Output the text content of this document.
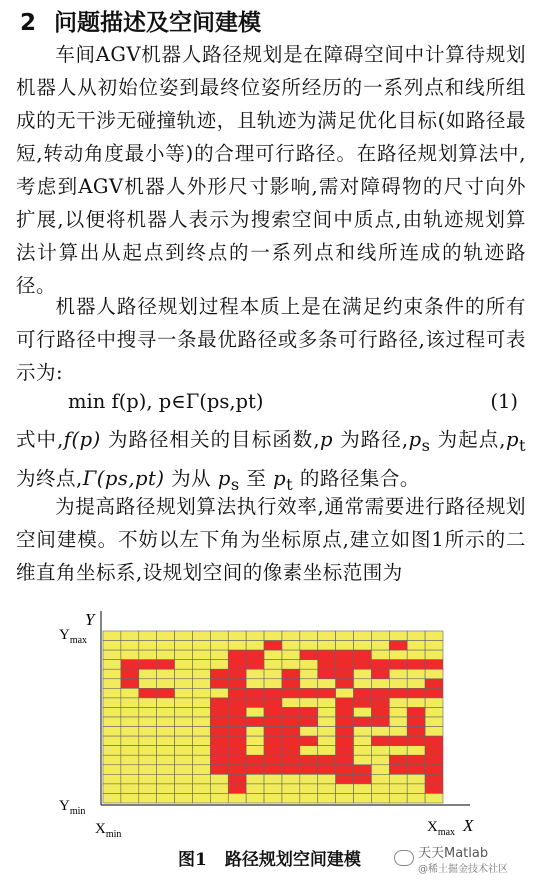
2 问题描述及空间建模
车间AGV机器人路径规划是在障碍空间中计算待规划机器人从初始位姿到最终位姿所经历的一系列点和线所组成的无干涉无碰撞轨迹，且轨迹为满足优化目标(如路径最短,转动角度最小等)的合理可行路径。在路径规划算法中,考虑到AGV机器人外形尺寸影响,需对障碍物的尺寸向外扩展,以便将机器人表示为搜索空间中质点,由轨迹规划算法计算出从起点到终点的一系列点和线所连成的轨迹路径。
机器人路径规划过程本质上是在满足约束条件的所有可行路径中搜寻一条最优路径或多条可行路径,该过程可表示为:
min f(p), p∈Γ(ps,pt)	(1)
式中,f(p) 为路径相关的目标函数,p 为路径$,p_s$ 为起点$,p_t$ 为终点,Γ(ps,pt) 为从 $p_s$ 至 $p_t$ 的路径集合。
为提高路径规划算法执行效率,通常需要进行路径规划空间建模。不妨以左下角为坐标原点,建立如图1所示的二维直角坐标系,设规划空间的像素坐标范围为
Y
X
$Y_{max}$
$Y_{min}$
$X_{min}$	$X_{max}$
图1 路径规划空间建模	天天Matlab
@稀土掘金技术社区
